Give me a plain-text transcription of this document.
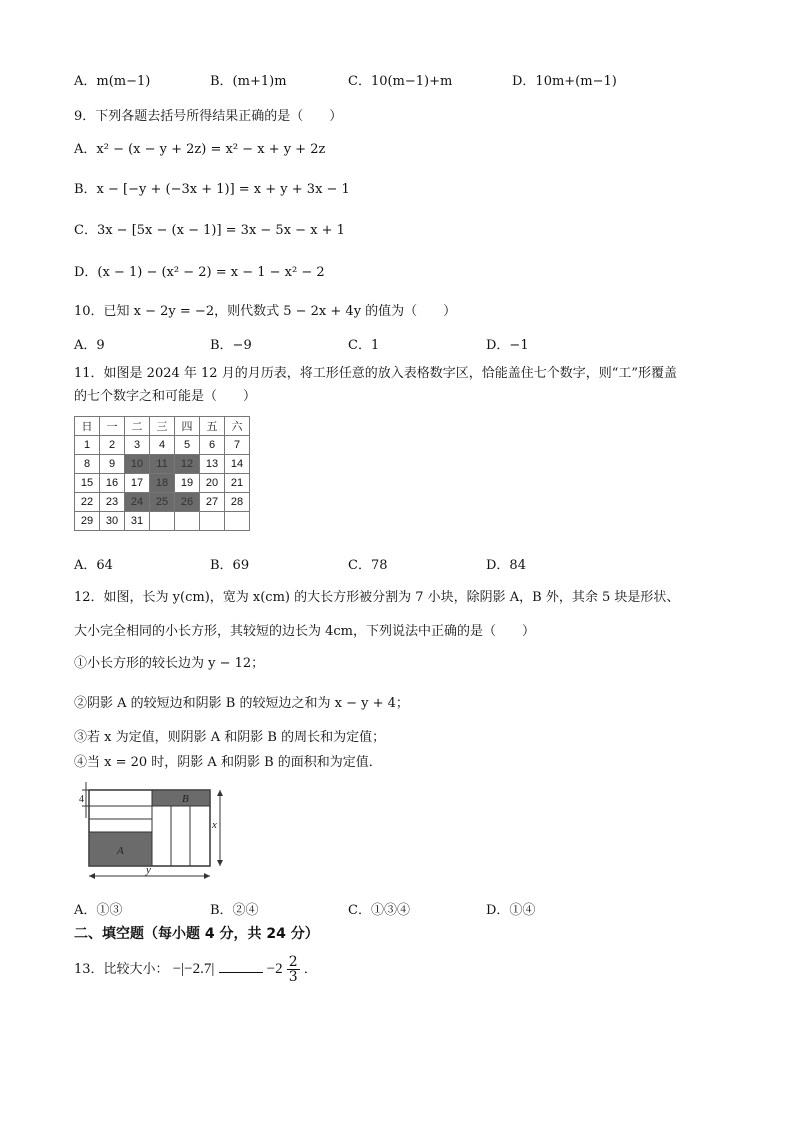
A．m(m−1)	B．(m+1)m	C．10(m−1)+m	D．10m+(m−1)
9．下列各题去括号所得结果正确的是（　　）
A．x² − (x − y + 2z) = x² − x + y + 2z
B．x − [−y + (−3x + 1)] = x + y + 3x − 1
C．3x − [5x − (x − 1)] = 3x − 5x − x + 1
D．(x − 1) − (x² − 2) = x − 1 − x² − 2
10．已知 x − 2y = −2，则代数式 5 − 2x + 4y 的值为（　　）
A．9	B．−9	C．1	D．−1
11．如图是 2024 年 12 月的月历表，将工形任意的放入表格数字区，恰能盖住七个数字，则“工”形覆盖
的七个数字之和可能是（　　）
日	一	二	三	四	五	六
1	2	3	4	5	6	7
8	9	10	11	12	13	14
15	16	17	18	19	20	21
22	23	24	25	26	27	28
29	30	31				
A．64	B．69	C．78	D．84
12．如图，长为 y(cm)，宽为 x(cm) 的大长方形被分割为 7 小块，除阴影 A，B 外，其余 5 块是形状、
大小完全相同的小长方形，其较短的边长为 4cm，下列说法中正确的是（　　）
①小长方形的较长边为 y − 12；
②阴影 A 的较短边和阴影 B 的较短边之和为 x − y + 4；
③若 x 为定值，则阴影 A 和阴影 B 的周长和为定值；
④当 x = 20 时，阴影 A 和阴影 B 的面积和为定值．
B
A
4
x
y
A．①③	B．②④	C．①③④	D．①④
二、填空题（每小题 4 分，共 24 分）
13．比较大小： −|−2.7|	$-2 \frac{2}{3}$ ．
